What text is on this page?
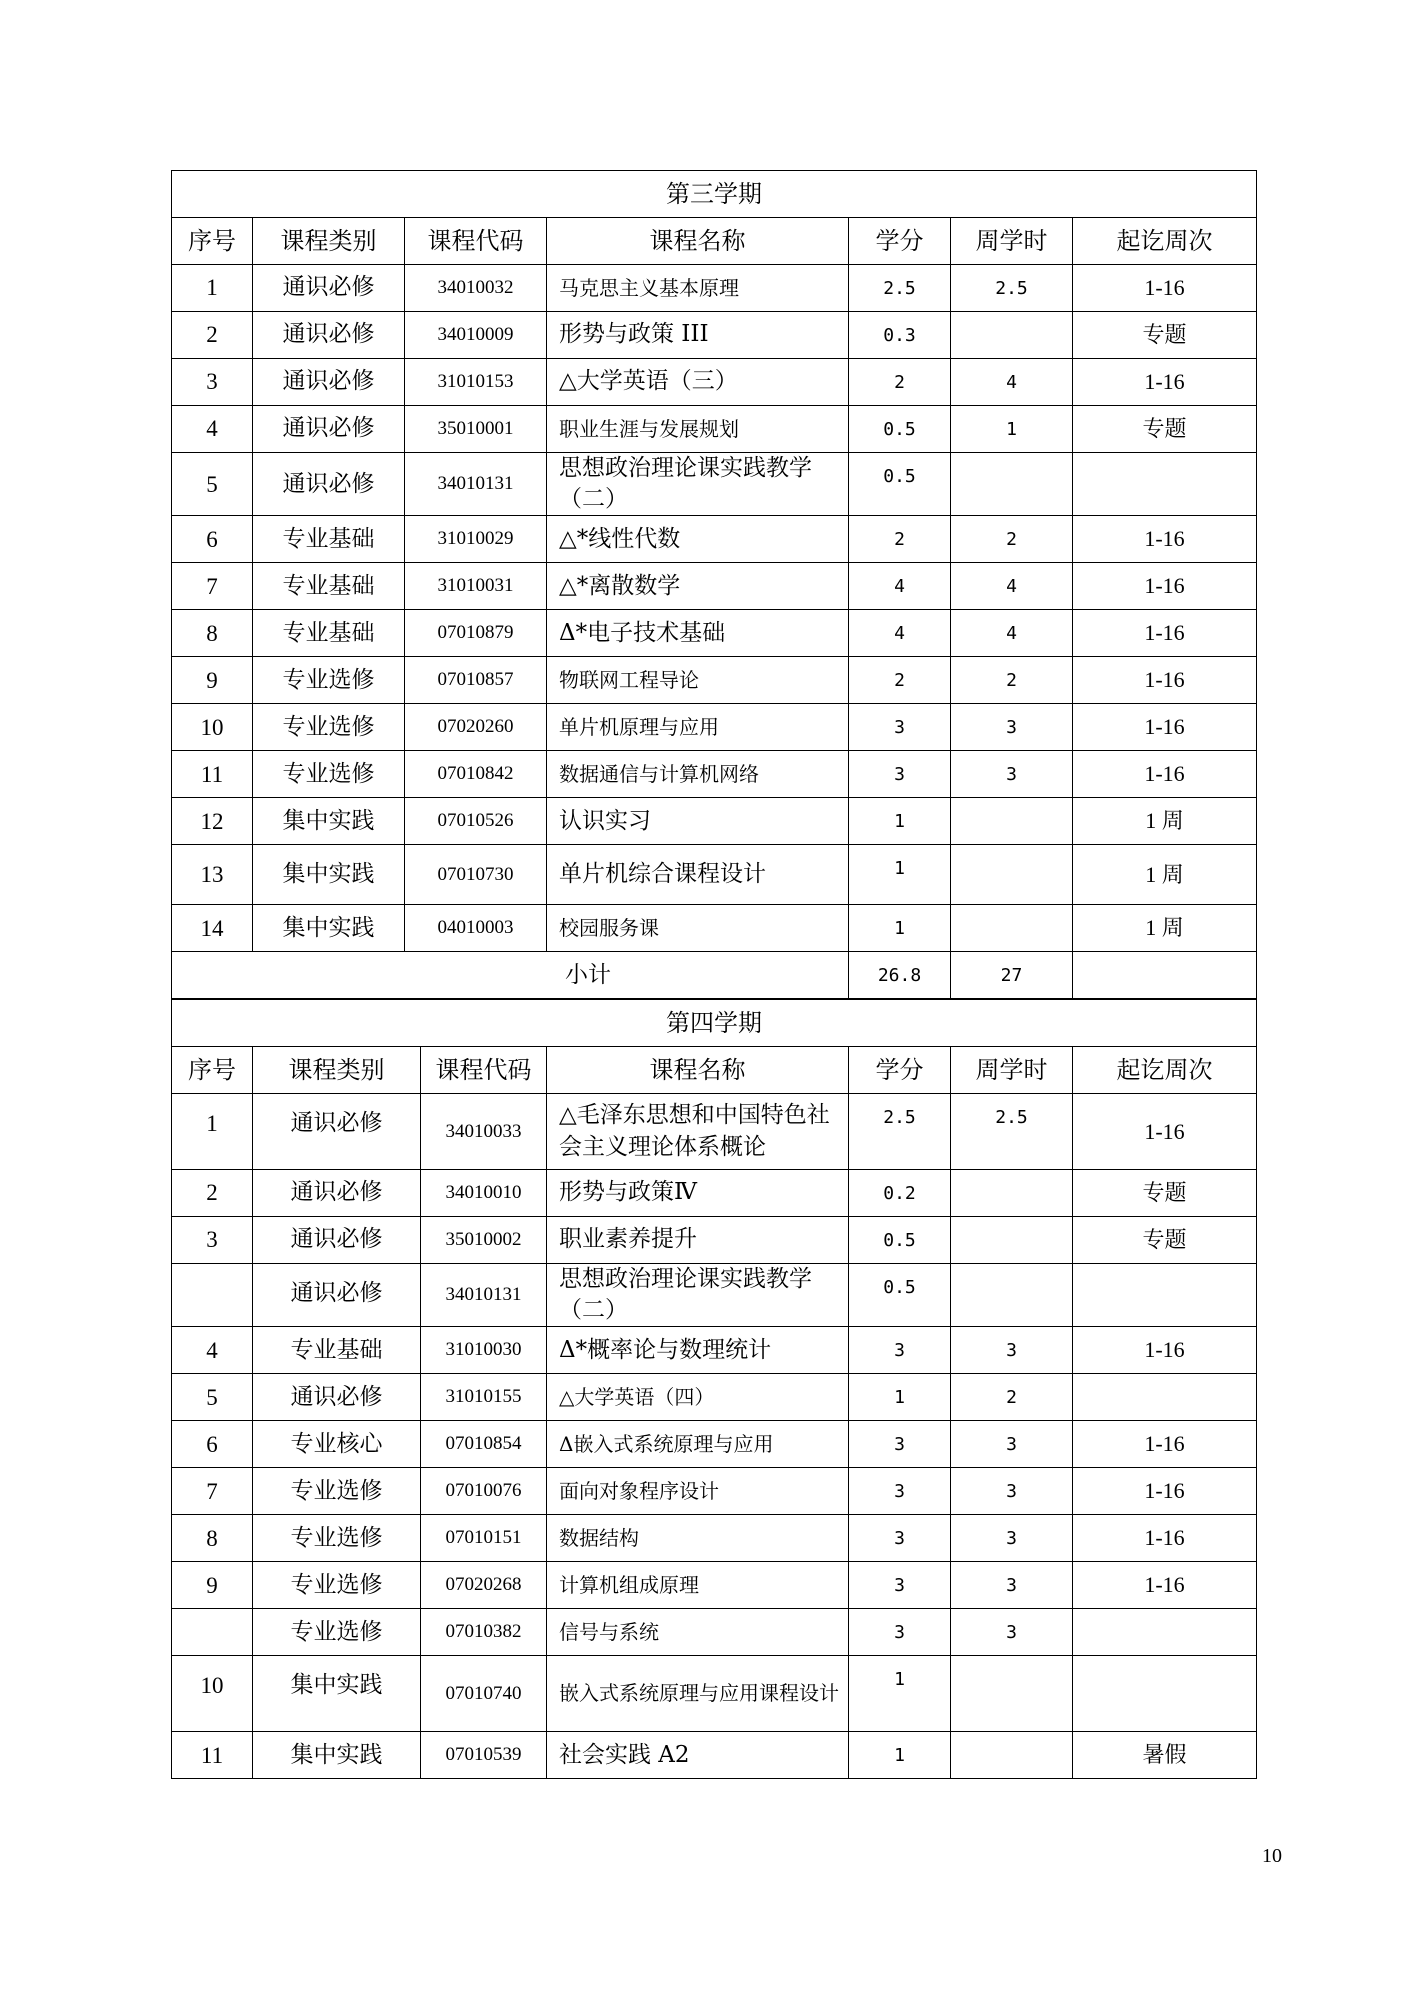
第三学期						
序号	课程类别	课程代码	课程名称	学分	周学时	起讫周次
1	通识必修	34010032	马克思主义基本原理	2.5	2.5	1-16
2	通识必修	34010009	形势与政策 III	0.3		专题
3	通识必修	31010153	△大学英语（三）	2	4	1-16
4	通识必修	35010001	职业生涯与发展规划	0.5	1	专题
5	通识必修	34010131	思想政治理论课实践教学（二）	0.5		
6	专业基础	31010029	△*线性代数	2	2	1-16
7	专业基础	31010031	△*离散数学	4	4	1-16
8	专业基础	07010879	Δ*电子技术基础	4	4	1-16
9	专业选修	07010857	物联网工程导论	2	2	1-16
10	专业选修	07020260	单片机原理与应用	3	3	1-16
11	专业选修	07010842	数据通信与计算机网络	3	3	1-16
12	集中实践	07010526	认识实习	1		1 周
13	集中实践	07010730	单片机综合课程设计	1		1 周
14	集中实践	04010003	校园服务课	1		1 周
小计				26.8	27	
第四学期						
序号	课程类别	课程代码	课程名称	学分	周学时	起讫周次
1	通识必修	34010033	△毛泽东思想和中国特色社会主义理论体系概论	2.5	2.5	1-16
2	通识必修	34010010	形势与政策Ⅳ	0.2		专题
3	通识必修	35010002	职业素养提升	0.5		专题
	通识必修	34010131	思想政治理论课实践教学（二）	0.5		
4	专业基础	31010030	Δ*概率论与数理统计	3	3	1-16
5	通识必修	31010155	△大学英语（四）	1	2	
6	专业核心	07010854	Δ嵌入式系统原理与应用	3	3	1-16
7	专业选修	07010076	面向对象程序设计	3	3	1-16
8	专业选修	07010151	数据结构	3	3	1-16
9	专业选修	07020268	计算机组成原理	3	3	1-16
	专业选修	07010382	信号与系统	3	3	
10	集中实践	07010740	嵌入式系统原理与应用课程设计	1		
11	集中实践	07010539	社会实践 A2	1		暑假
10
